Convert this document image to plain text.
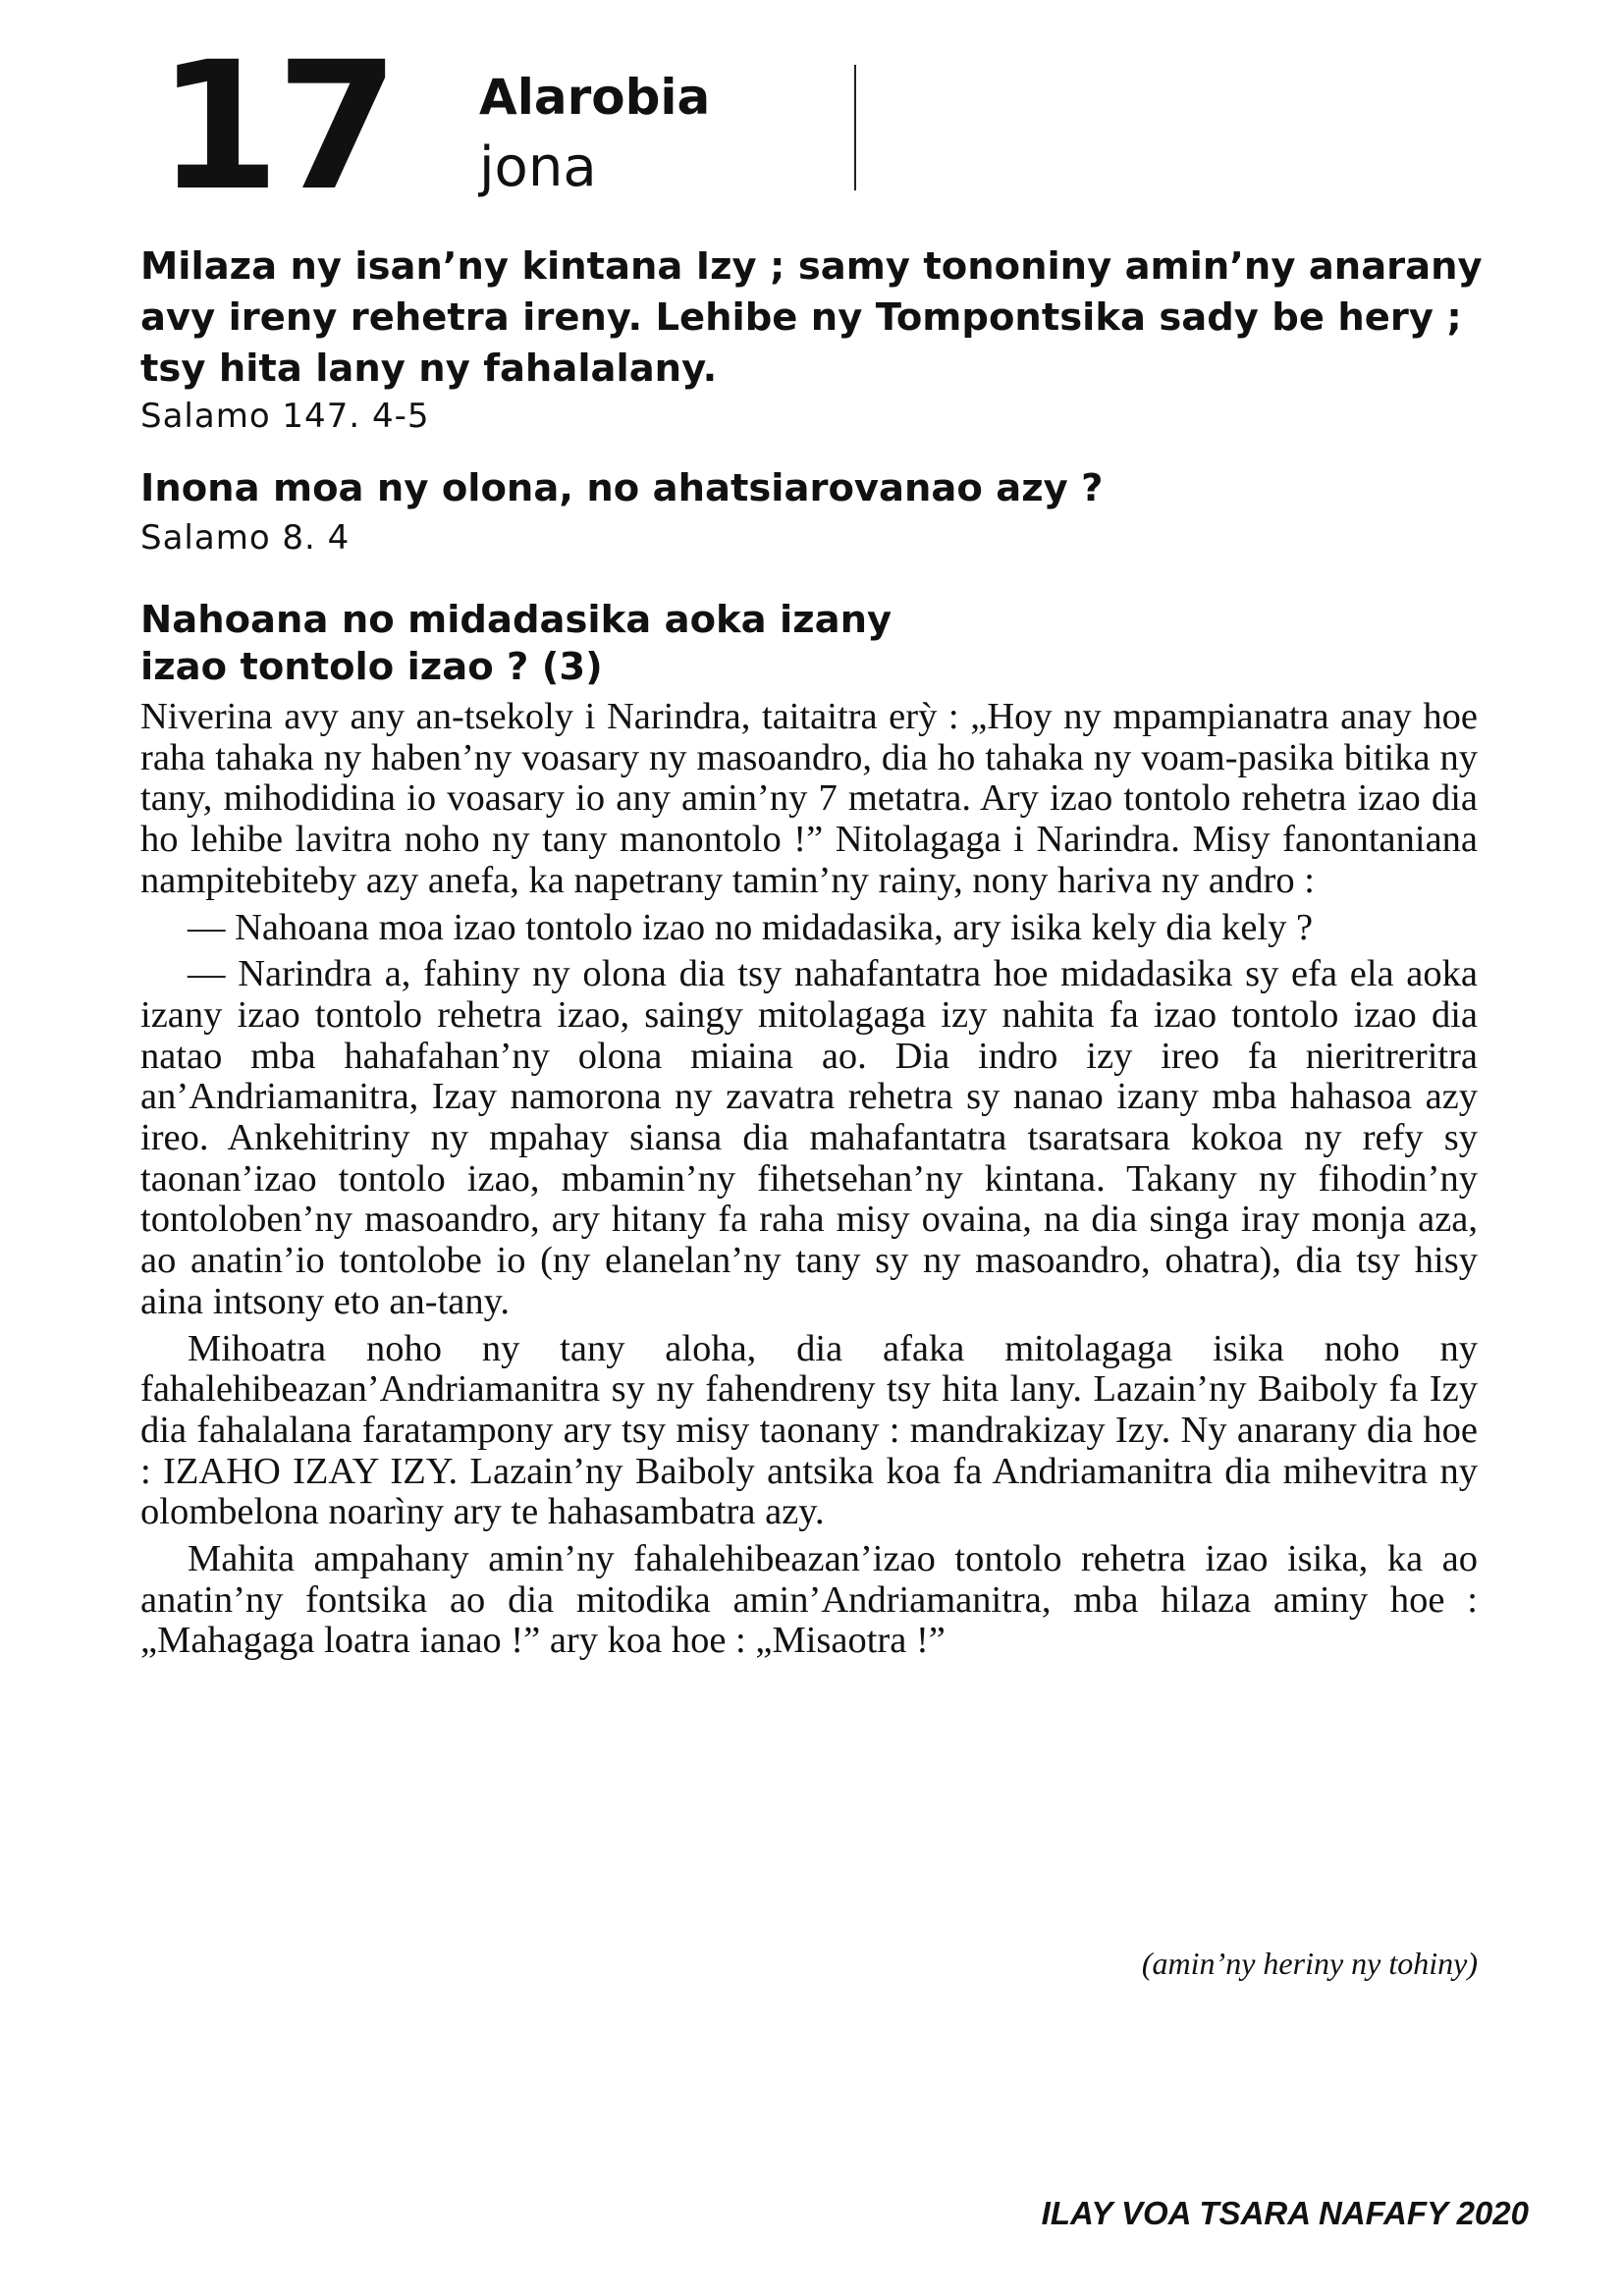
17 Alarobia
jona

Milaza ny isan’ny kintana Izy ; samy tononiny amin’ny anarany avy ireny rehetra ireny. Lehibe ny Tompontsika sady be hery ; tsy hita lany ny fahalalany.

Salamo 147. 4-5

Inona moa ny olona, no ahatsiarovanao azy ?

Salamo 8. 4
Nahoana no midadasika aoka izany
izao tontolo izao ? (3)

Niverina avy any an-tsekoly i Narindra, taitaitra erỳ : „Hoy ny mpampianatra anay hoe raha tahaka ny haben’ny voasary ny masoandro, dia ho tahaka ny voam-pasika bitika ny tany, mihodidina io voasary io any amin’ny 7 metatra. Ary izao tontolo rehetra izao dia ho lehibe lavitra noho ny tany manontolo !” Nitolagaga i Narindra. Misy fanontaniana nampitebiteby azy anefa, ka napetrany tamin’ny rainy, nony hariva ny andro :

— Nahoana moa izao tontolo izao no midadasika, ary isika kely dia kely ?

— Narindra a, fahiny ny olona dia tsy nahafantatra hoe midadasika sy efa ela aoka izany izao tontolo rehetra izao, saingy mitolagaga izy nahita fa izao tontolo izao dia natao mba hahafahan’ny olona miaina ao. Dia indro izy ireo fa nieritreritra an’Andriamanitra, Izay namorona ny zavatra rehetra sy nanao izany mba hahasoa azy ireo. Ankehitriny ny mpahay siansa dia mahafantatra tsaratsara kokoa ny refy sy taonan’izao tontolo izao, mbamin’ny fihetsehan’ny kintana. Takany ny fihodin’ny tontoloben’ny masoandro, ary hitany fa raha misy ovaina, na dia singa iray monja aza, ao anatin’io tontolobe io (ny elanelan’ny tany sy ny masoandro, ohatra), dia tsy hisy aina intsony eto an-tany.

Mihoatra noho ny tany aloha, dia afaka mitolagaga isika noho ny fahalehibeazan’Andriamanitra sy ny fahendreny tsy hita lany. Lazain’ny Baiboly fa Izy dia fahalalana faratampony ary tsy misy taonany : mandrakizay Izy. Ny anarany dia hoe : IZAHO IZAY IZY. Lazain’ny Baiboly antsika koa fa Andriamanitra dia mihevitra ny olombelona noarìny ary te hahasambatra azy.

Mahita ampahany amin’ny fahalehibeazan’izao tontolo rehetra izao isika, ka ao anatin’ny fontsika ao dia mitodika amin’Andriamanitra, mba hilaza aminy hoe : „Mahagaga loatra ianao !” ary koa hoe : „Misaotra !”

(amin’ny heriny ny tohiny)
ILAY VOA TSARA NAFAFY 2020
